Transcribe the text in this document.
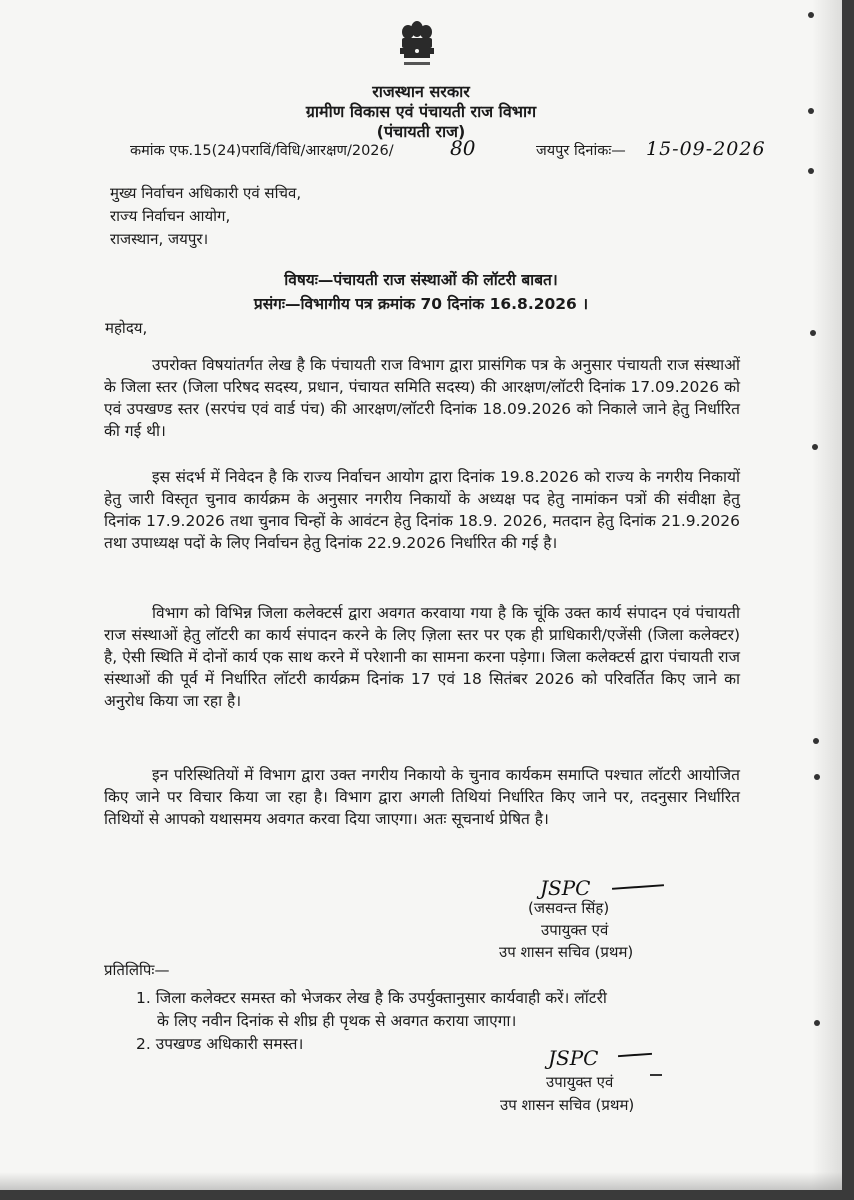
राजस्थान सरकार
ग्रामीण विकास एवं पंचायती राज विभाग
(पंचायती राज)
कमांक एफ.15(24)पराविं/विधि/आरक्षण/2026/	80	जयपुर दिनांकः— 15-09-2026
मुख्य निर्वाचन अधिकारी एवं सचिव,
राज्य निर्वाचन आयोग,
राजस्थान, जयपुर।
विषयः—पंचायती राज संस्थाओं की लॉटरी बाबत।
प्रसंगः—विभागीय पत्र क्रमांक 70 दिनांक 16.8.2026 ।
महोदय,

उपरोक्त विषयांतर्गत लेख है कि पंचायती राज विभाग द्वारा प्रासंगिक पत्र के अनुसार पंचायती राज संस्थाओं के जिला स्तर (जिला परिषद सदस्य, प्रधान, पंचायत समिति सदस्य) की आरक्षण/लॉटरी दिनांक 17.09.2026 को एवं उपखण्ड स्तर (सरपंच एवं वार्ड पंच) की आरक्षण/लॉटरी दिनांक 18.09.2026 को निकाले जाने हेतु निर्धारित की गई थी।

इस संदर्भ में निवेदन है कि राज्य निर्वाचन आयोग द्वारा दिनांक 19.8.2026 को राज्य के नगरीय निकायों हेतु जारी विस्तृत चुनाव कार्यक्रम के अनुसार नगरीय निकायों के अध्यक्ष पद हेतु नामांकन पत्रों की संवीक्षा हेतु दिनांक 17.9.2026 तथा चुनाव चिन्हों के आवंटन हेतु दिनांक 18.9. 2026, मतदान हेतु दिनांक 21.9.2026 तथा उपाध्यक्ष पदों के लिए निर्वाचन हेतु दिनांक 22.9.2026 निर्धारित की गई है।

विभाग को विभिन्न जिला कलेक्टर्स द्वारा अवगत करवाया गया है कि चूंकि उक्त कार्य संपादन एवं पंचायती राज संस्थाओं हेतु लॉटरी का कार्य संपादन करने के लिए ज़िला स्तर पर एक ही प्राधिकारी/एजेंसी (जिला कलेक्टर) है, ऐसी स्थिति में दोनों कार्य एक साथ करने में परेशानी का सामना करना पड़ेगा। जिला कलेक्टर्स द्वारा पंचायती राज संस्थाओं की पूर्व में निर्धारित लॉटरी कार्यक्रम दिनांक 17 एवं 18 सितंबर 2026 को परिवर्तित किए जाने का अनुरोध किया जा रहा है।

इन परिस्थितियों में विभाग द्वारा उक्त नगरीय निकायो के चुनाव कार्यकम समाप्ति पश्चात लॉटरी आयोजित किए जाने पर विचार किया जा रहा है। विभाग द्वारा अगली तिथियां निर्धारित किए जाने पर, तदनुसार निर्धारित तिथियों से आपको यथासमय अवगत करवा दिया जाएगा। अतः सूचनार्थ प्रेषित है।

JSPC
(जसवन्त सिंह)
उपायुक्त एवं
उप शासन सचिव (प्रथम)
प्रतिलिपिः—
1. जिला कलेक्टर समस्त को भेजकर लेख है कि उपर्युक्तानुसार कार्यवाही करें। लॉटरी
के लिए नवीन दिनांक से शीघ्र ही पृथक से अवगत कराया जाएगा।
2. उपखण्ड अधिकारी समस्त।
JSPC
उपायुक्त एवं
उप शासन सचिव (प्रथम)
